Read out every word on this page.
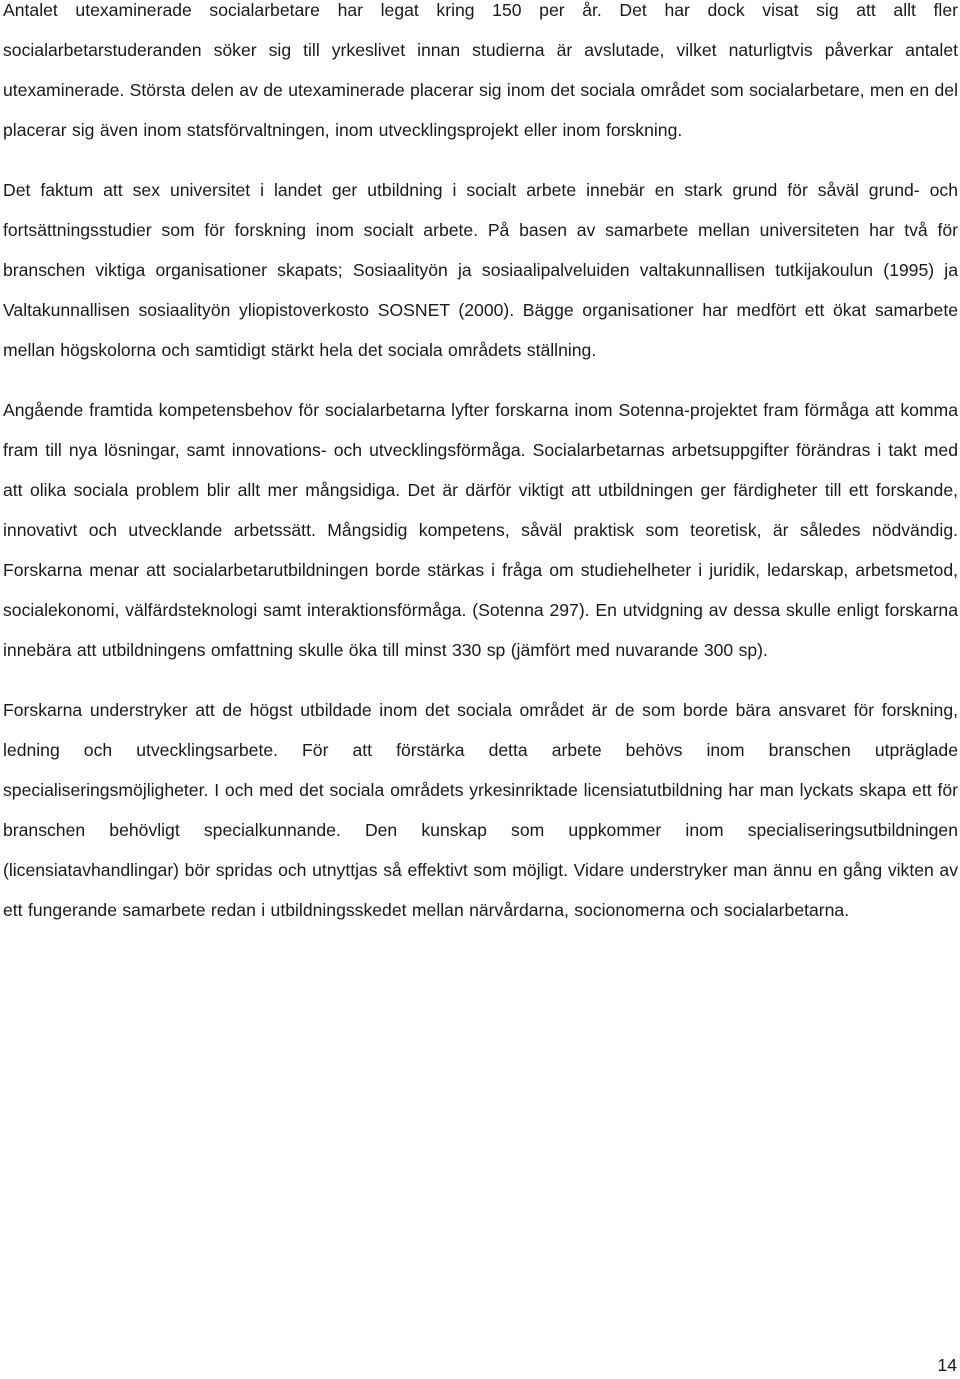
Antalet utexaminerade socialarbetare har legat kring 150 per år. Det har dock visat sig att allt fler socialarbetarstuderanden söker sig till yrkeslivet innan studierna är avslutade, vilket naturligtvis påverkar antalet utexaminerade. Största delen av de utexaminerade placerar sig inom det sociala området som socialarbetare, men en del placerar sig även inom statsförvaltningen, inom utvecklingsprojekt eller inom forskning.

Det faktum att sex universitet i landet ger utbildning i socialt arbete innebär en stark grund för såväl grund- och fortsättningsstudier som för forskning inom socialt arbete. På basen av samarbete mellan universiteten har två för branschen viktiga organisationer skapats; Sosiaalityön ja sosiaalipalveluiden valtakunnallisen tutkijakoulun (1995) ja Valtakunnallisen sosiaalityön yliopistoverkosto SOSNET (2000). Bägge organisationer har medfört ett ökat samarbete mellan högskolorna och samtidigt stärkt hela det sociala områdets ställning.

Angående framtida kompetensbehov för socialarbetarna lyfter forskarna inom Sotenna-projektet fram förmåga att komma fram till nya lösningar, samt innovations- och utvecklingsförmåga. Socialarbetarnas arbetsuppgifter förändras i takt med att olika sociala problem blir allt mer mångsidiga. Det är därför viktigt att utbildningen ger färdigheter till ett forskande, innovativt och utvecklande arbetssätt. Mångsidig kompetens, såväl praktisk som teoretisk, är således nödvändig. Forskarna menar att socialarbetarutbildningen borde stärkas i fråga om studiehelheter i juridik, ledarskap, arbetsmetod, socialekonomi, välfärdsteknologi samt interaktionsförmåga. (Sotenna 297). En utvidgning av dessa skulle enligt forskarna innebära att utbildningens omfattning skulle öka till minst 330 sp (jämfört med nuvarande 300 sp).

Forskarna understryker att de högst utbildade inom det sociala området är de som borde bära ansvaret för forskning, ledning och utvecklingsarbete. För att förstärka detta arbete behövs inom branschen utpräglade specialiseringsmöjligheter. I och med det sociala områdets yrkesinriktade licensiatutbildning har man lyckats skapa ett för branschen behövligt specialkunnande. Den kunskap som uppkommer inom specialiseringsutbildningen (licensiatavhandlingar) bör spridas och utnyttjas så effektivt som möjligt. Vidare understryker man ännu en gång vikten av ett fungerande samarbete redan i utbildningsskedet mellan närvårdarna, socionomerna och socialarbetarna.

14
